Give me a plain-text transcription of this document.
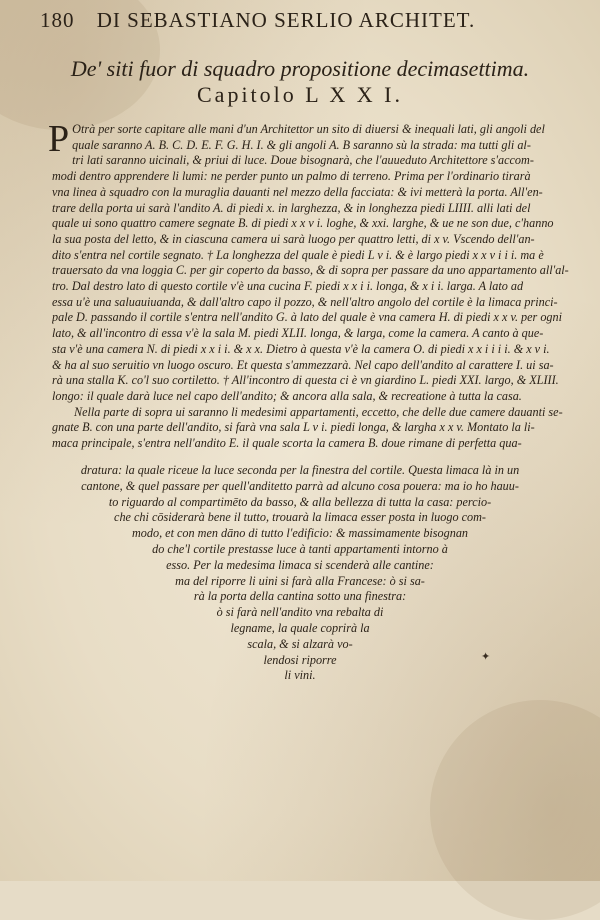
180 DI SEBASTIANO SERLIO ARCHITET.
De' siti fuor di squadro propositione decimasettima.
Capitolo L X X I.
P Otrà per sorte capitare alle mani d'un Architettor un sito di diuersi & inequali lati, gli angoli del
quale saranno A. B. C. D. E. F. G. H. I. & gli angoli A. B saranno sù la strada: ma tutti gli al-
tri lati saranno uicinali, & priui di luce. Doue bisognarà, che l'auueduto Architettore s'accom-
modi dentro apprendere li lumi: ne perder punto un palmo di terreno. Prima per l'ordinario tirarà
vna linea à squadro con la muraglia dauanti nel mezzo della facciata: & ivi metterà la porta. All'en-
trare della porta ui sarà l'andito A. di piedi x. in larghezza, & in longhezza piedi LIIII. alli lati del
quale ui sono quattro camere segnate B. di piedi x x v i. loghe, & xxi. larghe, & ue ne son due, c'hanno
la sua posta del letto, & in ciascuna camera ui sarà luogo per quattro letti, di x v. Vscendo dell'an-
dito s'entra nel cortile segnato. † La longhezza del quale è piedi L v i. & è largo piedi x x v i i i. ma è
trauersato da vna loggia C. per gir coperto da basso, & di sopra per passare da uno appartamento all'al-
tro. Dal destro lato di questo cortile v'è una cucina F. piedi x x i i. longa, & x i i. larga. A lato ad
essa u'è una saluauiuanda, & dall'altro capo il pozzo, & nell'altro angolo del cortile è la limaca princi-
pale D. passando il cortile s'entra nell'andito G. à lato del quale è vna camera H. di piedi x x v. per ogni
lato, & all'incontro di essa v'è la sala M. piedi XLII. longa, & larga, come la camera. A canto à que-
sta v'è una camera N. di piedi x x i i. & x x. Dietro à questa v'è la camera O. di piedi x x i i i i. & x v i.
& ha al suo seruitio vn luogo oscuro. Et questa s'ammezzarà. Nel capo dell'andito al carattere I. ui sa-
rà una stalla K. co'l suo cortiletto. † All'incontro di questa ci è vn giardino L. piedi XXI. largo, & XLIII.
longo: il quale darà luce nel capo dell'andito; & ancora alla sala, & recreatione à tutta la casa.
Nella parte di sopra ui saranno li medesimi appartamenti, eccetto, che delle due camere dauanti se-
gnate B. con una parte dell'andito, si farà vna sala L v i. piedi longa, & largha x x v. Montato la li-
maca principale, s'entra nell'andito E. il quale scorta la camera B. doue rimane di perfetta qua-
dratura: la quale riceue la luce seconda per la finestra del cortile. Questa limaca là in un
cantone, & quel passare per quell'anditetto parrà ad alcuno cosa pouera: ma io ho hauu-
to riguardo al compartimēto da basso, & alla bellezza di tutta la casa: percio-
che chi cōsiderarà bene il tutto, trouarà la limaca esser posta in luogo com-
modo, et con men dāno di tutto l'edificio: & massimamente bisognan
do che'l cortile prestasse luce à tanti appartamenti intorno à
esso. Per la medesima limaca si scenderà alle cantine:
ma del riporre li uini si farà alla Francese: ò si sa-
rà la porta della cantina sotto una finestra:
ò si farà nell'andito vna rebalta di
legname, la quale coprirà la
scala, & si alzarà vo-
lendosi riporre
li vini.
✦
